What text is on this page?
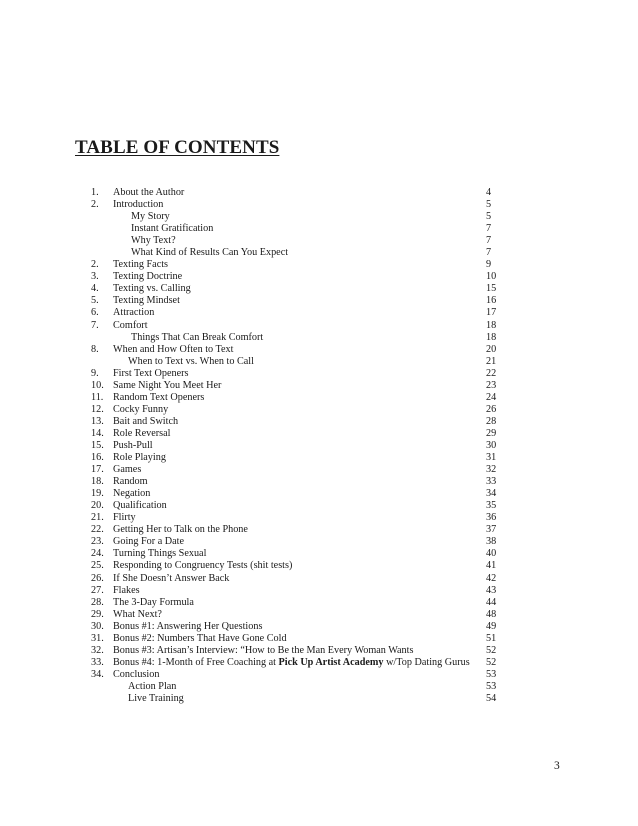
TABLE OF CONTENTS
1. About the Author	4
2. Introduction	5
My Story	5
Instant Gratification	7
Why Text?	7
What Kind of Results Can You Expect	7
2. Texting Facts	9
3. Texting Doctrine	10
4. Texting vs. Calling	15
5. Texting Mindset	16
6. Attraction	17
7. Comfort	18
Things That Can Break Comfort	18
8. When and How Often to Text	20
When to Text vs. When to Call	21
9. First Text Openers	22
10. Same Night You Meet Her	23
11. Random Text Openers	24
12. Cocky Funny	26
13. Bait and Switch	28
14. Role Reversal	29
15. Push-Pull	30
16. Role Playing	31
17. Games	32
18. Random	33
19. Negation	34
20. Qualification	35
21. Flirty	36
22. Getting Her to Talk on the Phone	37
23. Going For a Date	38
24. Turning Things Sexual	40
25. Responding to Congruency Tests (shit tests)	41
26. If She Doesn’t Answer Back	42
27. Flakes	43
28. The 3-Day Formula	44
29. What Next?	48
30. Bonus #1: Answering Her Questions	49
31. Bonus #2: Numbers That Have Gone Cold	51
32. Bonus #3: Artisan’s Interview: “How to Be the Man Every Woman Wants	52
33. Bonus #4: 1-Month of Free Coaching at Pick Up Artist Academy w/Top Dating Gurus 52
34. Conclusion	53
Action Plan	53
Live Training	54
3
